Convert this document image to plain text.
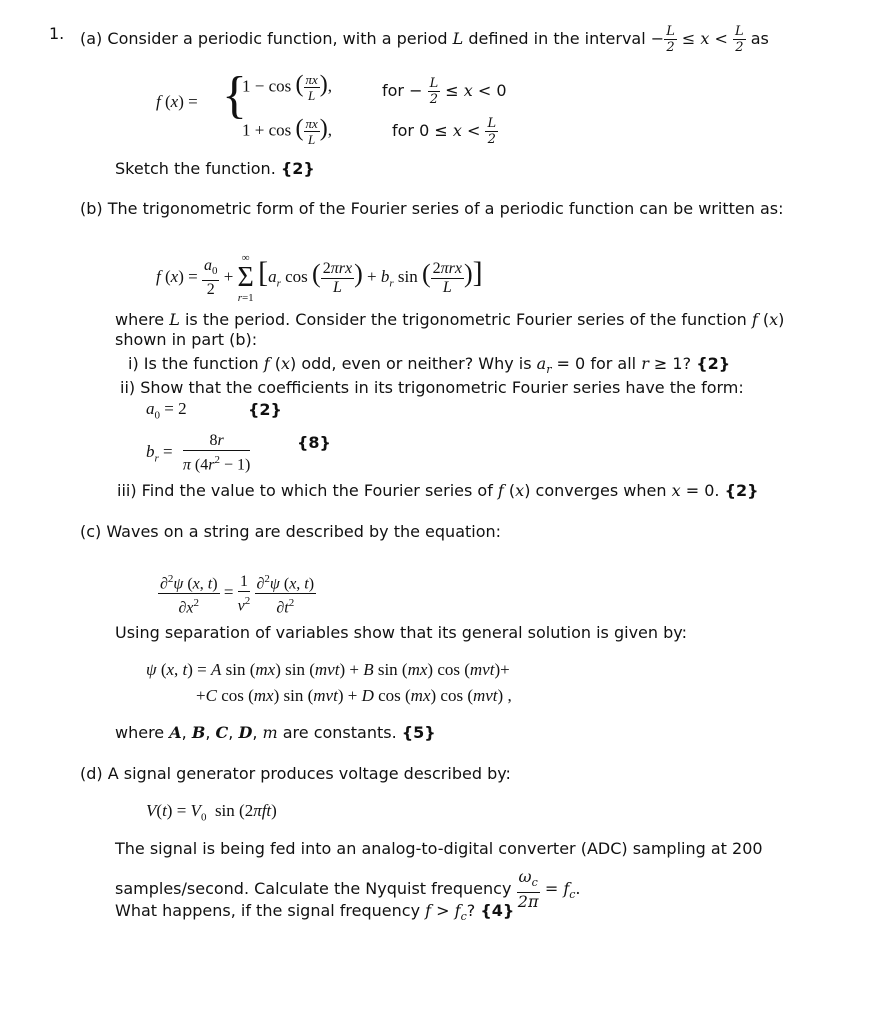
1. (a) Consider a periodic function, with a period L defined in the interval − $\frac{L}{2} \le x < \frac{L}{2}$ as
f (x) = {
1 − cos ( $\frac{\pi x}{L}$ ),	for − $\frac{L}{2} \le x < 0$
1 + cos ( $\frac{\pi x}{L}$ ),	for $0 \le x < \frac{L}{2}$
Sketch the function. {2}
(b) The trigonometric form of the Fourier series of a periodic function can be written as:
f $(x) = \frac{a_0}{2}$ +
∞
Σ
r=1
[$a_r$ cos ( $\frac{\text{2πrx}}{L}$ ) + $b_r$ sin ( $\frac{\text{2πrx}}{L}$ )]
where L is the period. Consider the trigonometric Fourier series of the function f (x)
shown in part (b):
i) Is the function f (x) odd, even or neither? Why is $a_r = 0$ for all r ≥ 1? {2}
ii) Show that the coefficients in its trigonometric Fourier series have the form:
$a_0 = 2$	{2}
$b_r = \frac{8r}{\pi (4r^2 - 1)}$	{8}
iii) Find the value to which the Fourier series of f (x) converges when x = 0. {2}
(c) Waves on a string are described by the equation:
$\frac{\partial^2\psi (x, t)}{\partial x^2} = \frac{1}{v^2}$
$\frac{\partial^2\psi (x, t)}{\partial t^2}$
Using separation of variables show that its general solution is given by:
ψ (x, t) = A sin (mx) sin (mvt) + B sin (mx) cos (mvt)+
+C cos (mx) sin (mvt) + D cos (mx) cos (mvt) ,
where A, B, C, D, m are constants. {5}
(d) A signal generator produces voltage described by:
$V(t) = V_0$  sin (2πft)
The signal is being fed into an analog-to-digital converter (ADC) sampling at 200
samples/second. Calculate the Nyquist frequency $\frac{\omega_c}{2\pi} = f_c$.
What happens, if the signal frequency $f > f_c$? {4}
